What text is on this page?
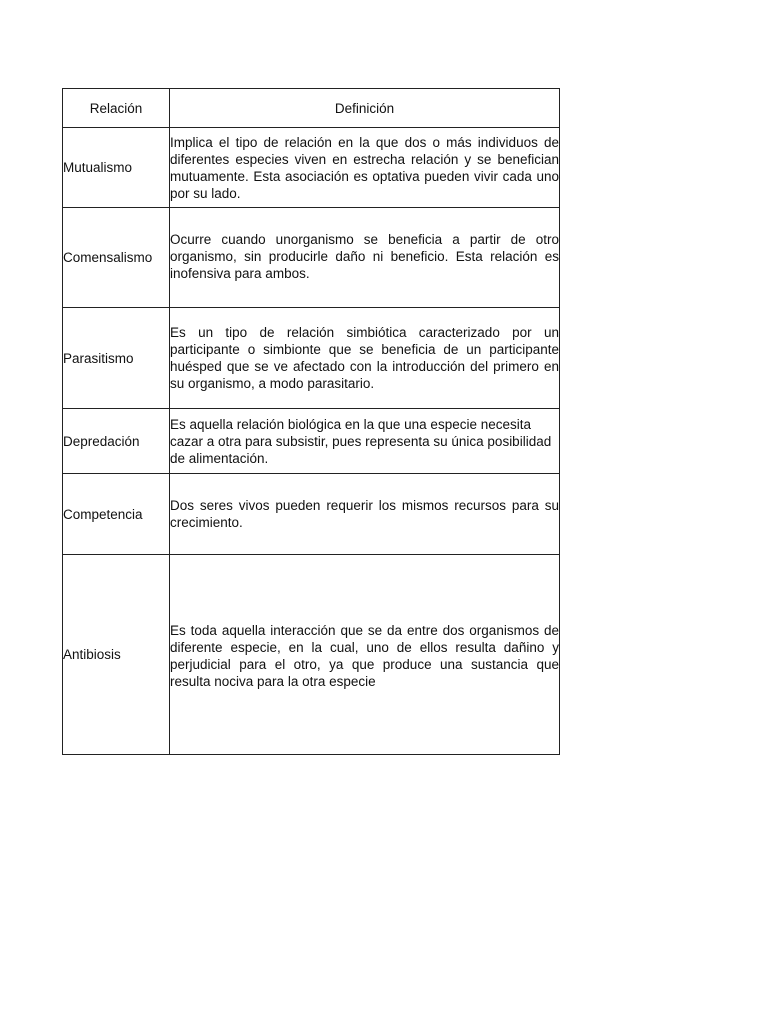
Relación	Definición
Mutualismo	Implica el tipo de relación en la que dos o más individuos de diferentes especies viven en estrecha relación y se benefician mutuamente. Esta asociación es optativa pueden vivir cada uno por su lado.

Comensalismo	Ocurre cuando unorganismo se beneficia a partir de otro organismo, sin producirle daño ni beneficio. Esta relación es inofensiva para ambos.

Parasitismo	Es un tipo de relación simbiótica caracterizado por un participante o simbionte que se beneficia de un participante huésped que se ve afectado con la introducción del primero en su organismo, a modo parasitario.

Depredación	Es aquella relación biológica en la que una especie necesita cazar a otra para subsistir, pues representa su única posibilidad de alimentación.

Competencia	Dos seres vivos pueden requerir los mismos recursos para su crecimiento.

Antibiosis	Es toda aquella interacción que se da entre dos organismos de diferente especie, en la cual, uno de ellos resulta dañino y perjudicial para el otro, ya que produce una sustancia que resulta nociva para la otra especie
